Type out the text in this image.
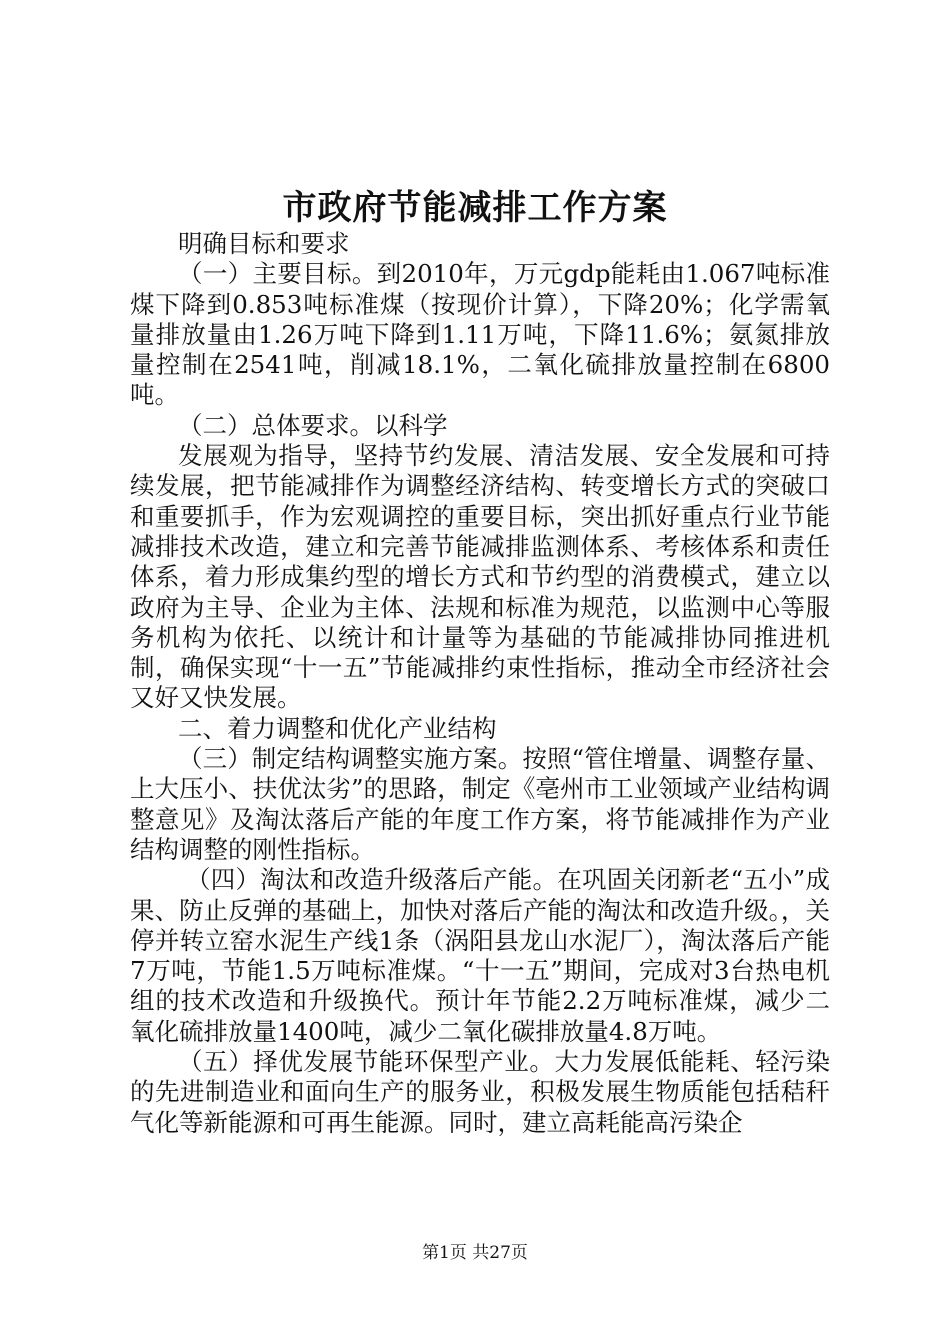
市政府节能减排工作方案

明确目标和要求

（一）主要目标。到2010年，万元gdp能耗由1.067吨标准煤下降到0.853吨标准煤（按现价计算），下降20%；化学需氧量排放量由1.26万吨下降到1.11万吨，下降11.6%；氨氮排放量控制在2541吨，削减18.1%，二氧化硫排放量控制在6800吨。

（二）总体要求。以科学

发展观为指导，坚持节约发展、清洁发展、安全发展和可持续发展，把节能减排作为调整经济结构、转变增长方式的突破口和重要抓手，作为宏观调控的重要目标，突出抓好重点行业节能减排技术改造，建立和完善节能减排监测体系、考核体系和责任体系，着力形成集约型的增长方式和节约型的消费模式，建立以政府为主导、企业为主体、法规和标准为规范，以监测中心等服务机构为依托、以统计和计量等为基础的节能减排协同推进机制，确保实现“十一五”节能减排约束性指标，推动全市经济社会又好又快发展。

二、着力调整和优化产业结构

（三）制定结构调整实施方案。按照“管住增量、调整存量、上大压小、扶优汰劣”的思路，制定《亳州市工业领域产业结构调整意见》及淘汰落后产能的年度工作方案，将节能减排作为产业结构调整的刚性指标。

（四）淘汰和改造升级落后产能。在巩固关闭新老“五小”成果、防止反弹的基础上，加快对落后产能的淘汰和改造升级。，关停并转立窑水泥生产线1条（涡阳县龙山水泥厂），淘汰落后产能7万吨，节能1.5万吨标准煤。“十一五”期间，完成对3台热电机组的技术改造和升级换代。预计年节能2.2万吨标准煤，减少二氧化硫排放量1400吨，减少二氧化碳排放量4.8万吨。

（五）择优发展节能环保型产业。大力发展低能耗、轻污染的先进制造业和面向生产的服务业，积极发展生物质能包括秸秆气化等新能源和可再生能源。同时，建立高耗能高污染企

第1页 共27页
